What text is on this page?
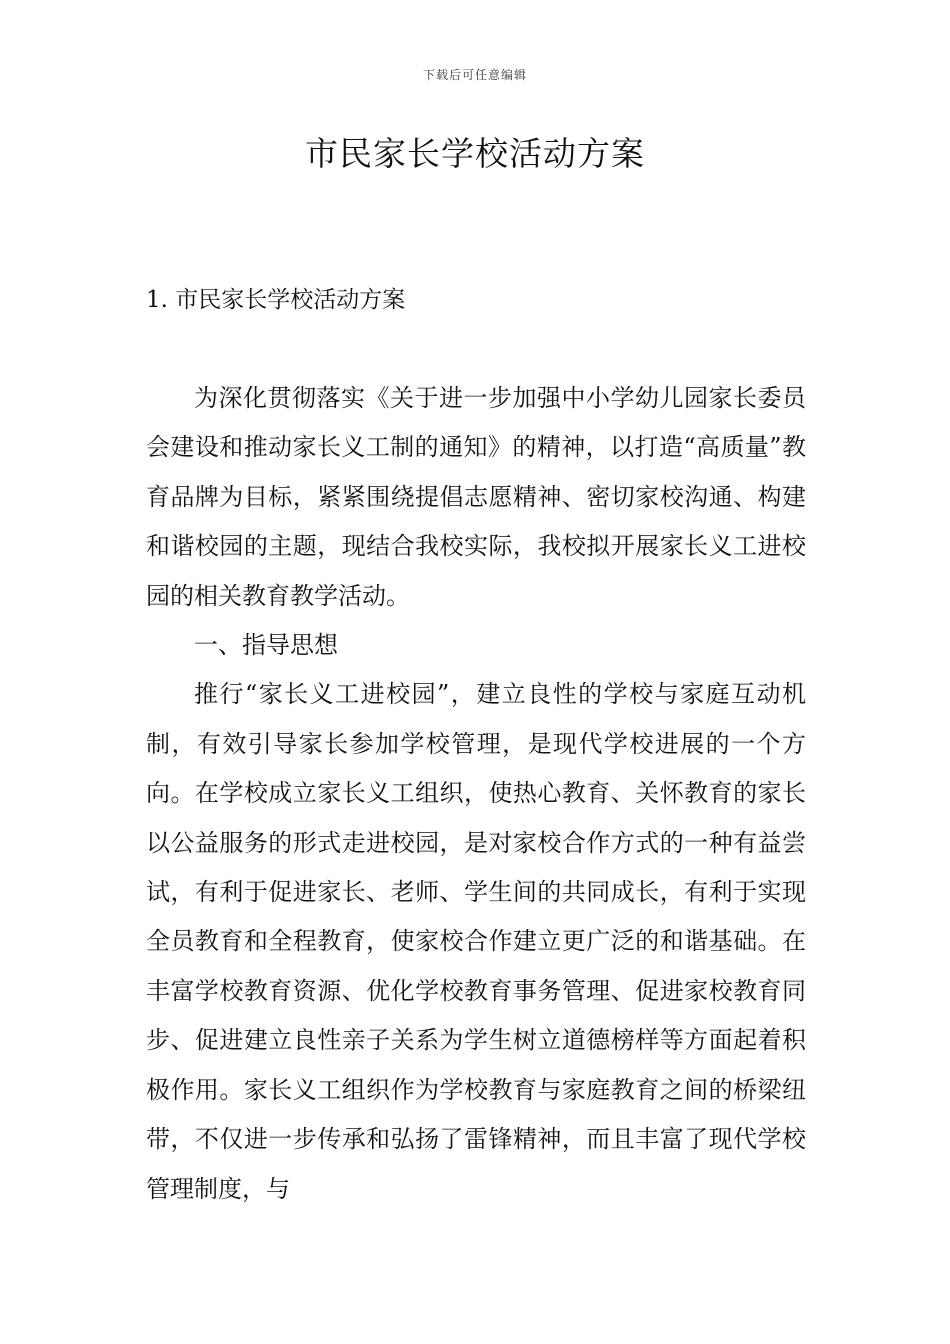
下载后可任意编辑
市民家长学校活动方案
1. 市民家长学校活动方案

为深化贯彻落实《关于进一步加强中小学幼儿园家长委员会建设和推动家长义工制的通知》的精神，以打造“高质量”教育品牌为目标，紧紧围绕提倡志愿精神、密切家校沟通、构建和谐校园的主题，现结合我校实际，我校拟开展家长义工进校园的相关教育教学活动。

一、指导思想

推行“家长义工进校园”，建立良性的学校与家庭互动机制，有效引导家长参加学校管理，是现代学校进展的一个方向。在学校成立家长义工组织，使热心教育、关怀教育的家长以公益服务的形式走进校园，是对家校合作方式的一种有益尝试，有利于促进家长、老师、学生间的共同成长，有利于实现全员教育和全程教育，使家校合作建立更广泛的和谐基础。在丰富学校教育资源、优化学校教育事务管理、促进家校教育同步、促进建立良性亲子关系为学生树立道德榜样等方面起着积极作用。家长义工组织作为学校教育与家庭教育之间的桥梁纽带，不仅进一步传承和弘扬了雷锋精神，而且丰富了现代学校管理制度，与
